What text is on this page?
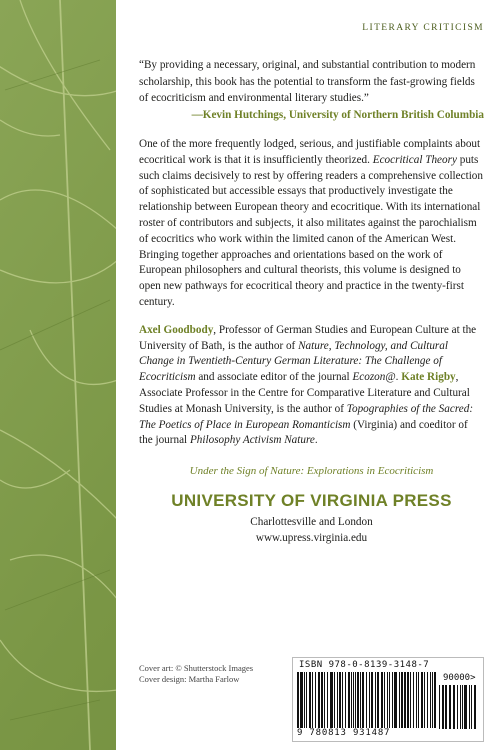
LITERARY CRITICISM

“By providing a necessary, original, and substantial contribution to modern scholarship, this book has the potential to transform the fast-growing fields of ecocriticism and environmental literary studies.”

—Kevin Hutchings, University of Northern British Columbia

One of the more frequently lodged, serious, and justifiable complaints about ecocritical work is that it is insufficiently theorized. Ecocritical Theory puts such claims decisively to rest by offering readers a comprehensive collection of sophisticated but accessible essays that productively investigate the relationship between European theory and ecocritique. With its international roster of contributors and subjects, it also militates against the parochialism of ecocritics who work within the limited canon of the American West. Bringing together approaches and orientations based on the work of European philosophers and cultural theorists, this volume is designed to open new pathways for ecocritical theory and practice in the twenty-first century.

Axel Goodbody, Professor of German Studies and European Culture at the University of Bath, is the author of Nature, Technology, and Cultural Change in Twentieth-Century German Literature: The Challenge of Ecocriticism and associate editor of the journal Ecozon@. Kate Rigby, Associate Professor in the Centre for Comparative Literature and Cultural Studies at Monash University, is the author of Topographies of the Sacred: The Poetics of Place in European Romanticism (Virginia) and coeditor of the journal Philosophy Activism Nature.

Under the Sign of Nature: Explorations in Ecocriticism

UNIVERSITY OF VIRGINIA PRESS

Charlottesville and London

www.upress.virginia.edu

Cover art: © Shutterstock Images
Cover design: Martha Farlow
ISBN 978-0-8139-3148-7
90000>
9 780813 931487
